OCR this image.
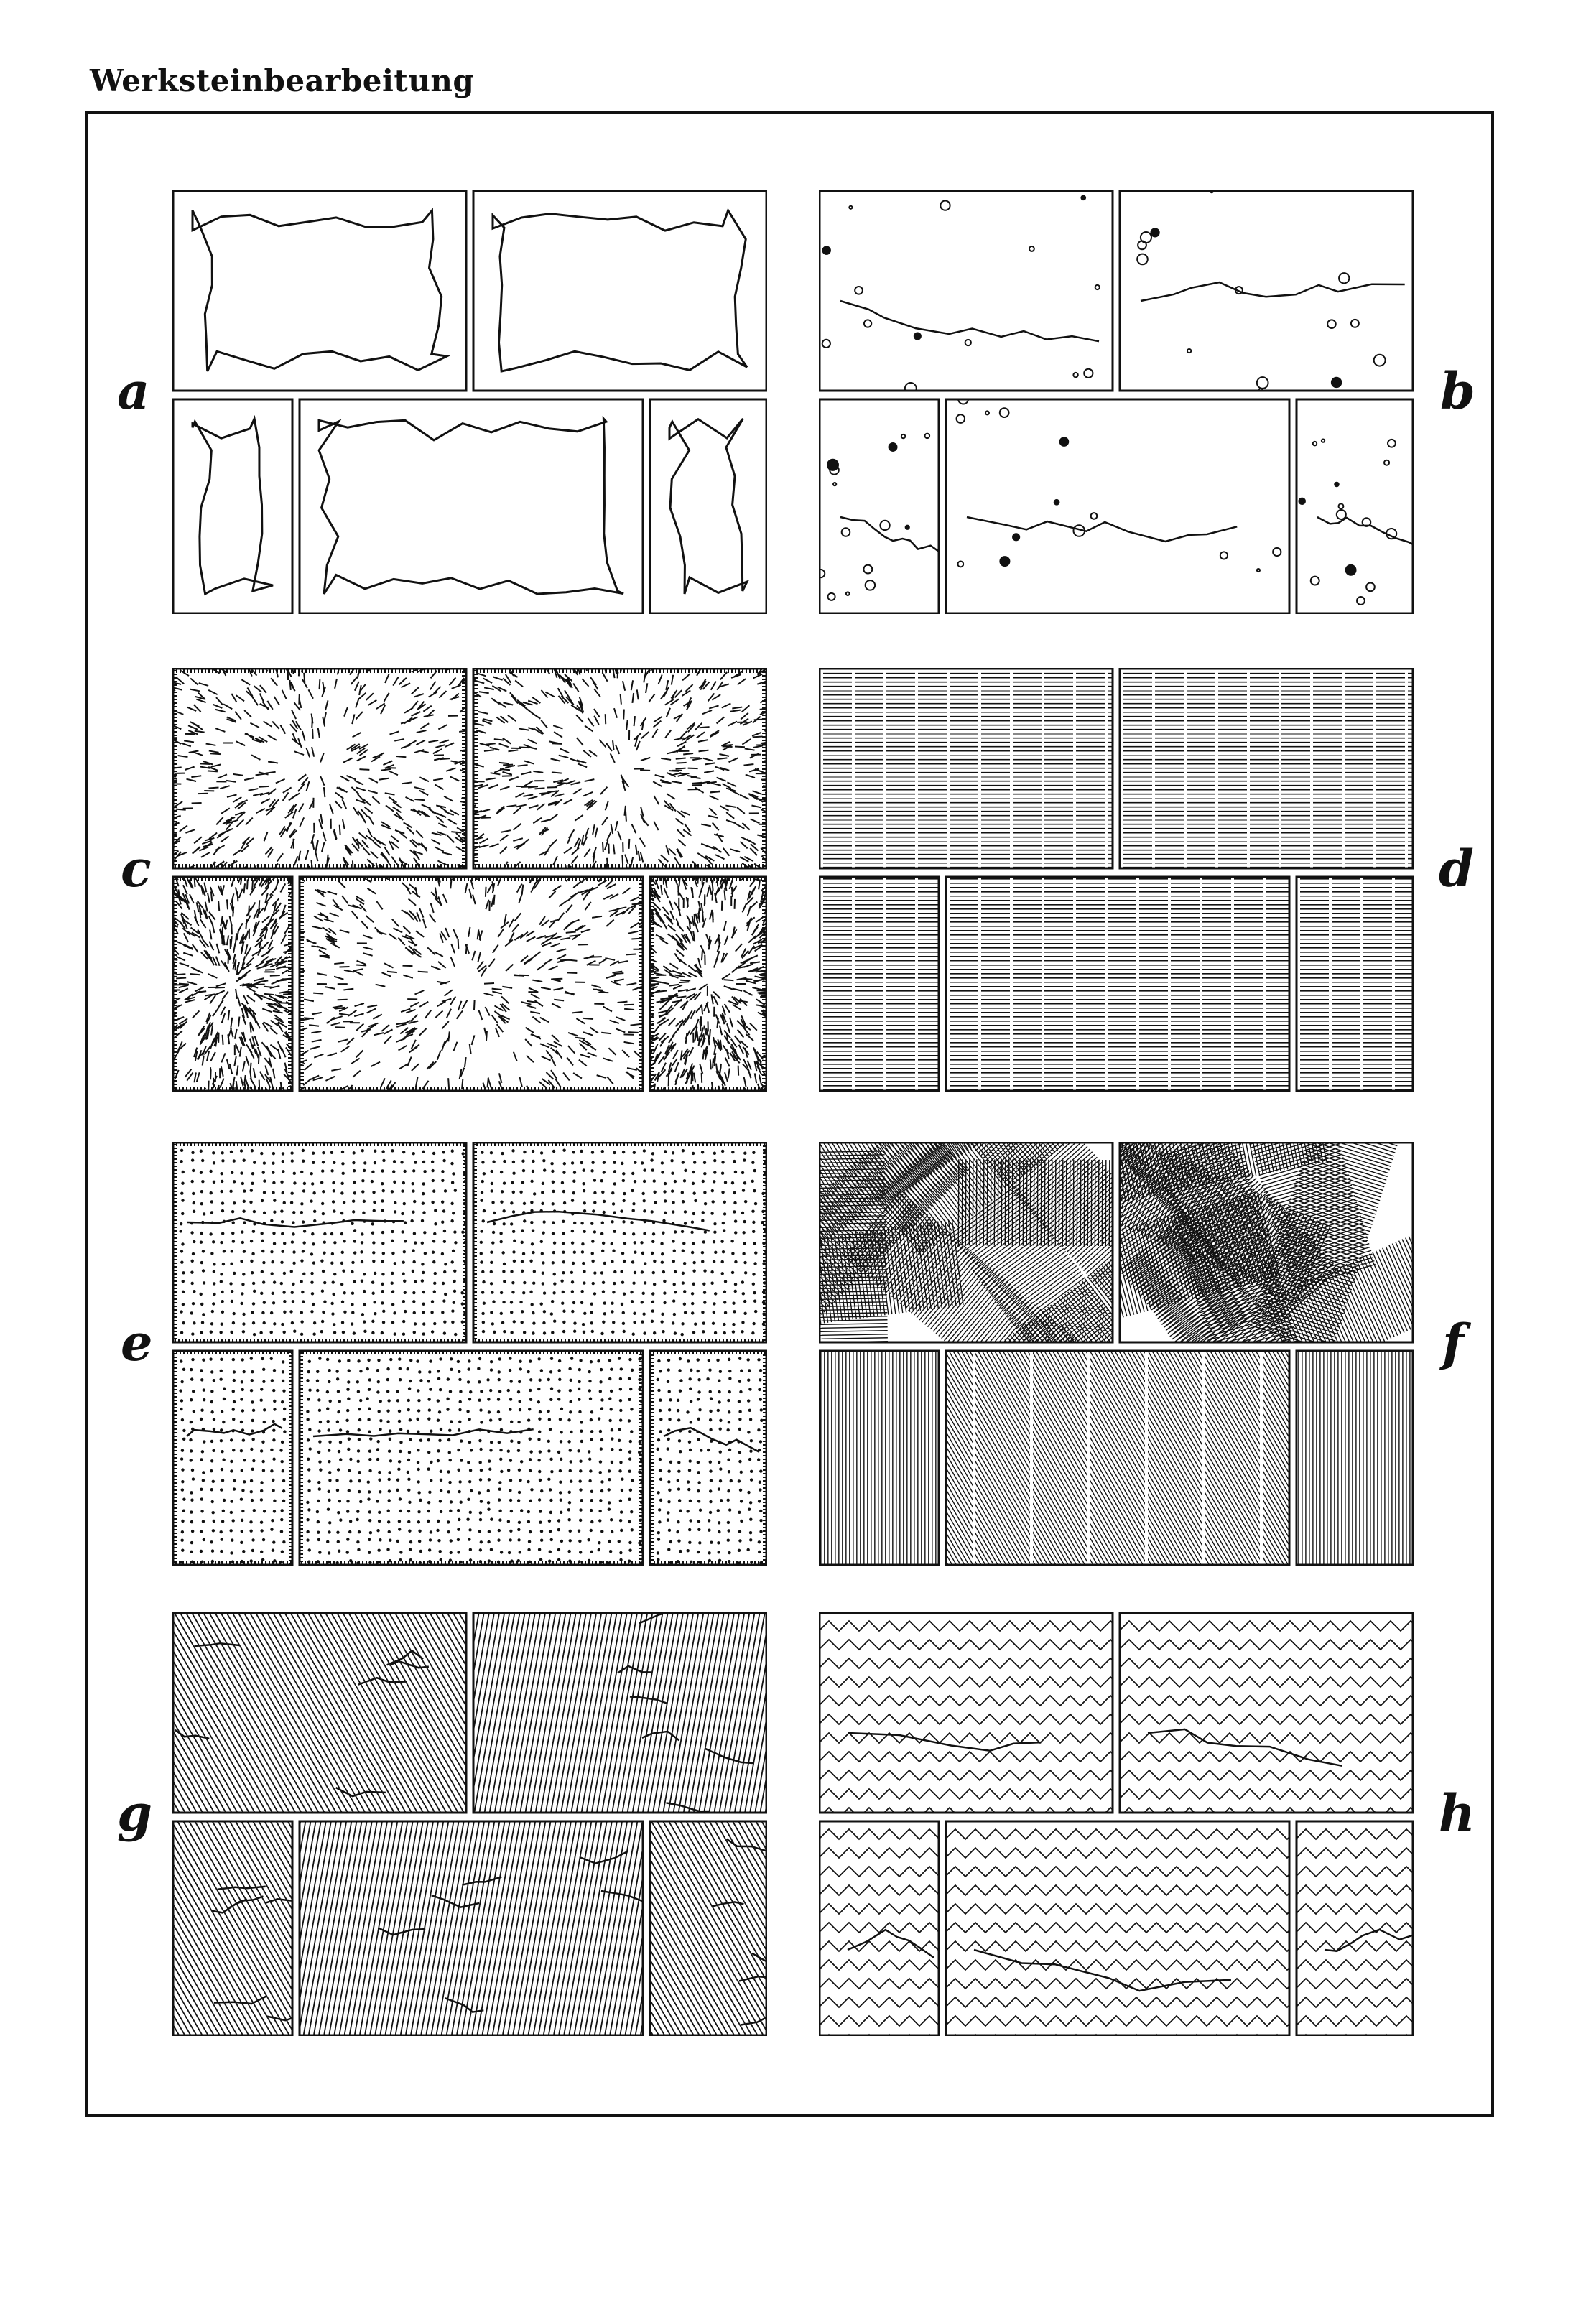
Werksteinbearbeitung
a	b
c	d
e	f
g	h
